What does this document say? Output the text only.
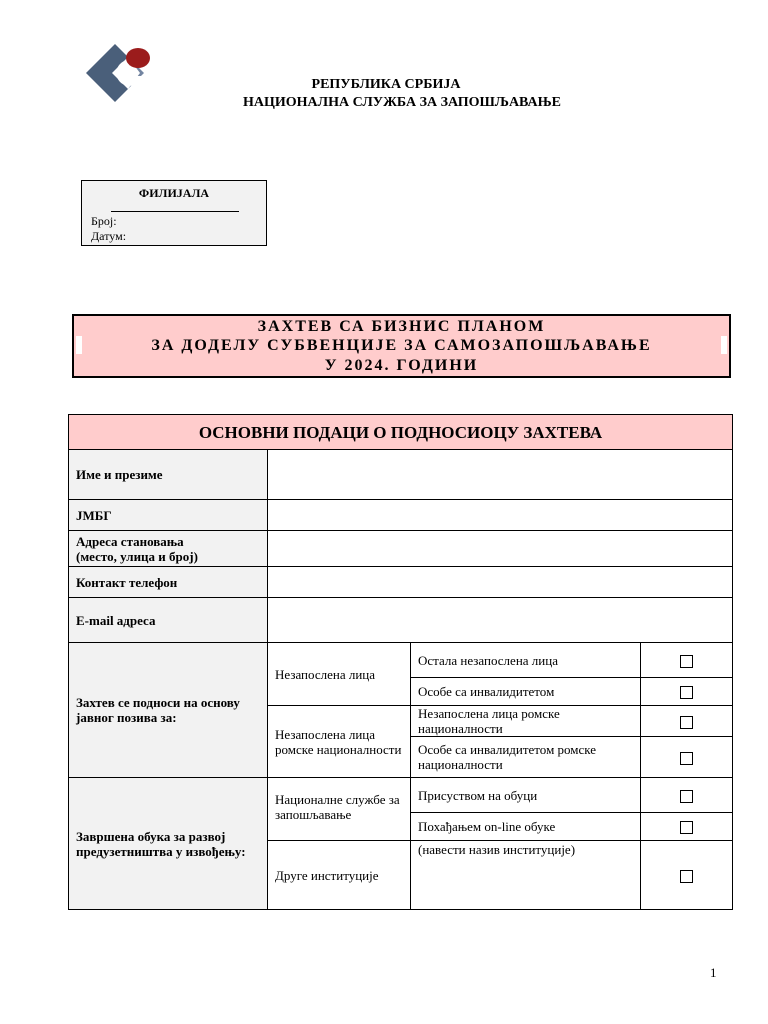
РЕПУБЛИКА СРБИЈА
НАЦИОНАЛНА СЛУЖБА ЗА ЗАПОШЉАВАЊЕ
ФИЛИЈАЛА
Број:
Датум:
ЗАХТЕВ СА БИЗНИС ПЛАНОМ
ЗА ДОДЕЛУ СУБВЕНЦИЈЕ ЗА САМОЗАПОШЉАВАЊЕ
У 2024. ГОДИНИ
ОСНОВНИ ПОДАЦИ О ПОДНОСИОЦУ ЗАХТЕВА			
Име и презиме			
ЈМБГ			
Адреса становања
(место, улица и број)			
Контакт телефон			
Е-mail адреса			
Захтев се подноси на основу јавног позива за:	Незапослена лица	Остала незапослена лица	
		Особе са инвалидитетом	
	Незапослена лица ромске националности	Незапослена лица ромске националности	
		Особе са инвалидитетом ромске националности	
Завршена обука за развој предузетништва у извођењу:	Националне службе за запошљавање	Присуством на обуци	
		Похађањем on-line обуке	
	Друге институције	(навести назив институције)	
1
